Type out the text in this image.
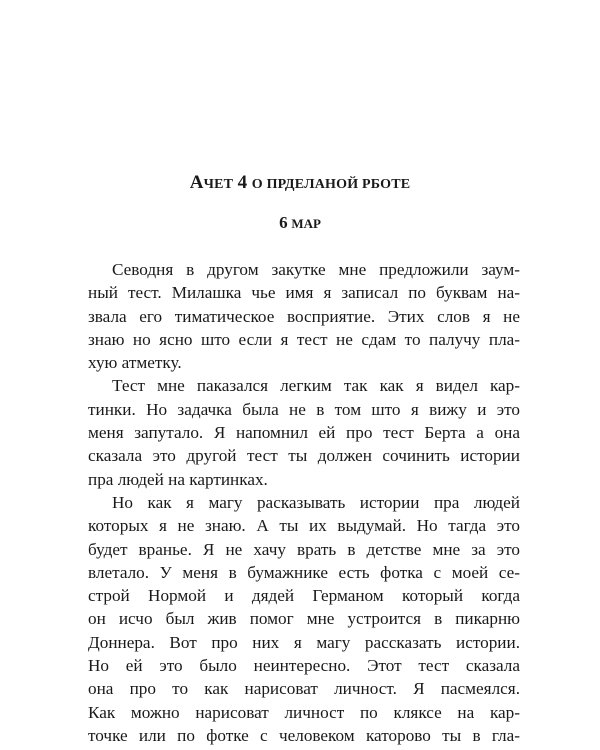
АЧЕТ 4 О ПРДЕЛАНОЙ РБОТЕ
6 МАР
Севодня в другом закутке мне предложили заум-
ный тест. Милашка чье имя я записал по буквам на-
звала его тиматическое восприятие. Этих слов я не
знаю но ясно што если я тест не сдам то палучу пла-
хую атметку.
Тест мне паказался легким так как я видел кар-
тинки. Но задачка была не в том што я вижу и это
меня запутало. Я напомнил ей про тест Берта а она
сказала это другой тест ты должен сочинить истории
пра людей на картинках.
Но как я магу расказывать истории пра людей
которых я не знаю. А ты их выдумай. Но тагда это
будет вранье. Я не хачу врать в детстве мне за это
влетало. У меня в бумажнике есть фотка с моей се-
строй Нормой и дядей Германом который когда
он исчо был жив помог мне устроится в пикарню
Доннера. Вот про них я магу рассказать истории.
Но ей это было неинтересно. Этот тест сказала
она про то как нарисоват личност. Я пасмеялся.
Как можно нарисоват личност по кляксе на кар-
точке или по фотке с человеком каторово ты в гла-
